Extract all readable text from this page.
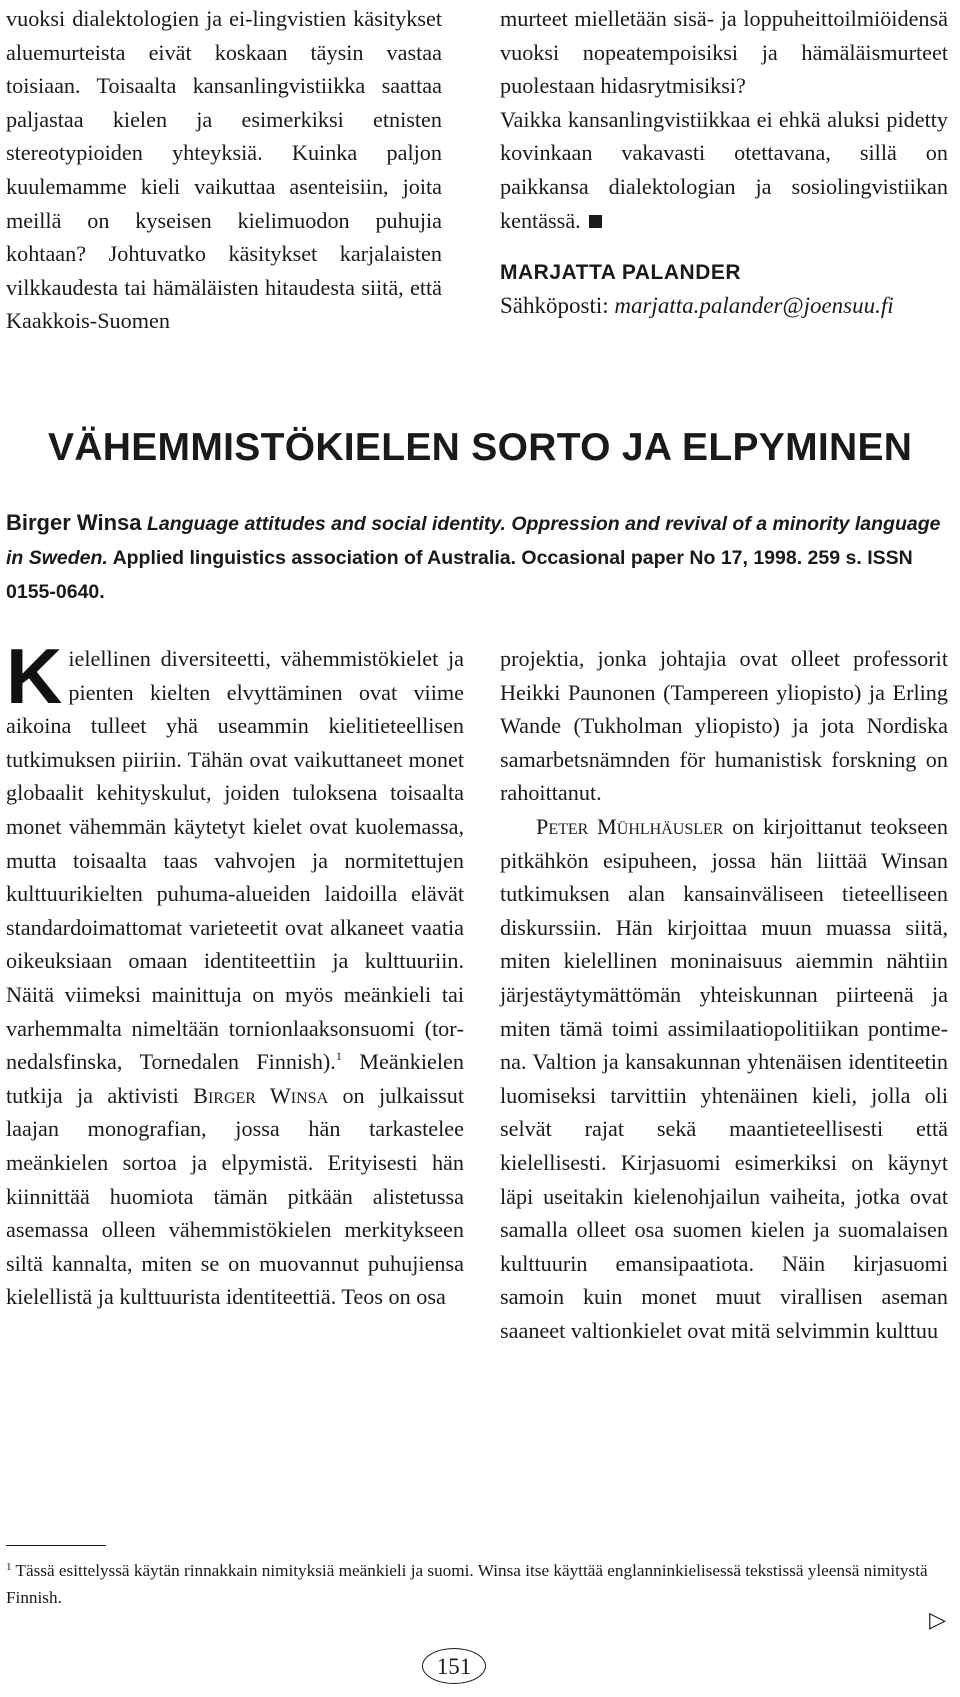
vuoksi dialektologien ja ei-lingvistien käsitykset aluemurteista eivät koskaan täysin vastaa toisiaan. Toisaalta kansanlingvistiikka saattaa paljastaa kielen ja esimerkiksi etnisten stereotypioiden yhteyksiä. Kuinka paljon kuulemamme kieli vaikuttaa asenteisiin, joita meillä on kyseisen kielimuodon puhujia kohtaan? Johtuvatko käsitykset karjalaisten vilkkaudesta tai hämäläisten hitaudesta siitä, että Kaakkois-Suomen

murteet mielletään sisä- ja loppuheittoilmiöidensä vuoksi nopeatempoisiksi ja hämäläismurteet puolestaan hidasrytmisiksi?

Vaikka kansanlingvistiikkaa ei ehkä aluksi pidetty kovinkaan vakavasti otettavana, sillä on paikkansa dialektologian ja sosiolingvistiikan kentässä.

MARJATTA PALANDER
Sähköposti: marjatta.palander@joensuu.fi
VÄHEMMISTÖKIELEN SORTO JA ELPYMINEN
Birger Winsa Language attitudes and social identity. Oppression and revival of a minority language in Sweden. Applied linguistics association of Australia. Occasional paper No 17, 1998. 259 s. ISSN 0155-0640.

Kielellinen diversiteetti, vähemmistökielet ja pienten kielten elvyttäminen ovat viime aikoina tulleet yhä useammin kielitieteellisen tutkimuksen piiriin. Tähän ovat vaikuttaneet monet globaalit kehityskulut, joiden tuloksena toisaalta monet vähemmän käytetyt kielet ovat kuolemassa, mutta toisaalta taas vahvojen ja normitettujen kulttuurikielten puhuma-alueiden laidoilla elävät standardoimattomat varieteetit ovat alkaneet vaatia oikeuksiaan omaan identiteettiin ja kulttuuriin. Näitä viimeksi mainittuja on myös meänkieli tai varhemmalta nimeltään tornionlaaksonsuomi (tornedalsfinska, Tornedalen Finnish).$^1$ Meänkielen tutkija ja aktivisti Birger Winsa on julkaissut laajan monografian, jossa hän tarkastelee meänkielen sortoa ja elpymistä. Erityisesti hän kiinnittää huomiota tämän pitkään alistetussa asemassa olleen vähemmistökielen merkitykseen siltä kannalta, miten se on muovannut puhujiensa kielellistä ja kulttuurista identiteettiä. Teos on osa

projektia, jonka johtajia ovat olleet professorit Heikki Paunonen (Tampereen yliopisto) ja Erling Wande (Tukholman yliopisto) ja jota Nordiska samarbetsnämnden för humanistisk forskning on rahoittanut.

Peter Mühlhäusler on kirjoittanut teokseen pitkähkön esipuheen, jossa hän liittää Winsan tutkimuksen alan kansainväliseen tieteelliseen diskurssiin. Hän kirjoittaa muun muassa siitä, miten kielellinen moninaisuus aiemmin nähtiin järjestäytymättömän yhteiskunnan piirteenä ja miten tämä toimi assimilaatiopolitiikan pontimena. Valtion ja kansakunnan yhtenäisen identiteetin luomiseksi tarvittiin yhtenäinen kieli, jolla oli selvät rajat sekä maantieteellisesti että kielellisesti. Kirjasuomi esimerkiksi on käynyt läpi useitakin kielenohjailun vaiheita, jotka ovat samalla olleet osa suomen kielen ja suomalaisen kulttuurin emansipaatiota. Näin kirjasuomi samoin kuin monet muut virallisen aseman saaneet valtionkielet ovat mitä selvimmin kulttuu

$^1$ Tässä esittelyssä käytän rinnakkain nimityksiä meänkieli ja suomi. Winsa itse käyttää englanninkielisessä tekstissä yleensä nimitystä Finnish.

▷
151
